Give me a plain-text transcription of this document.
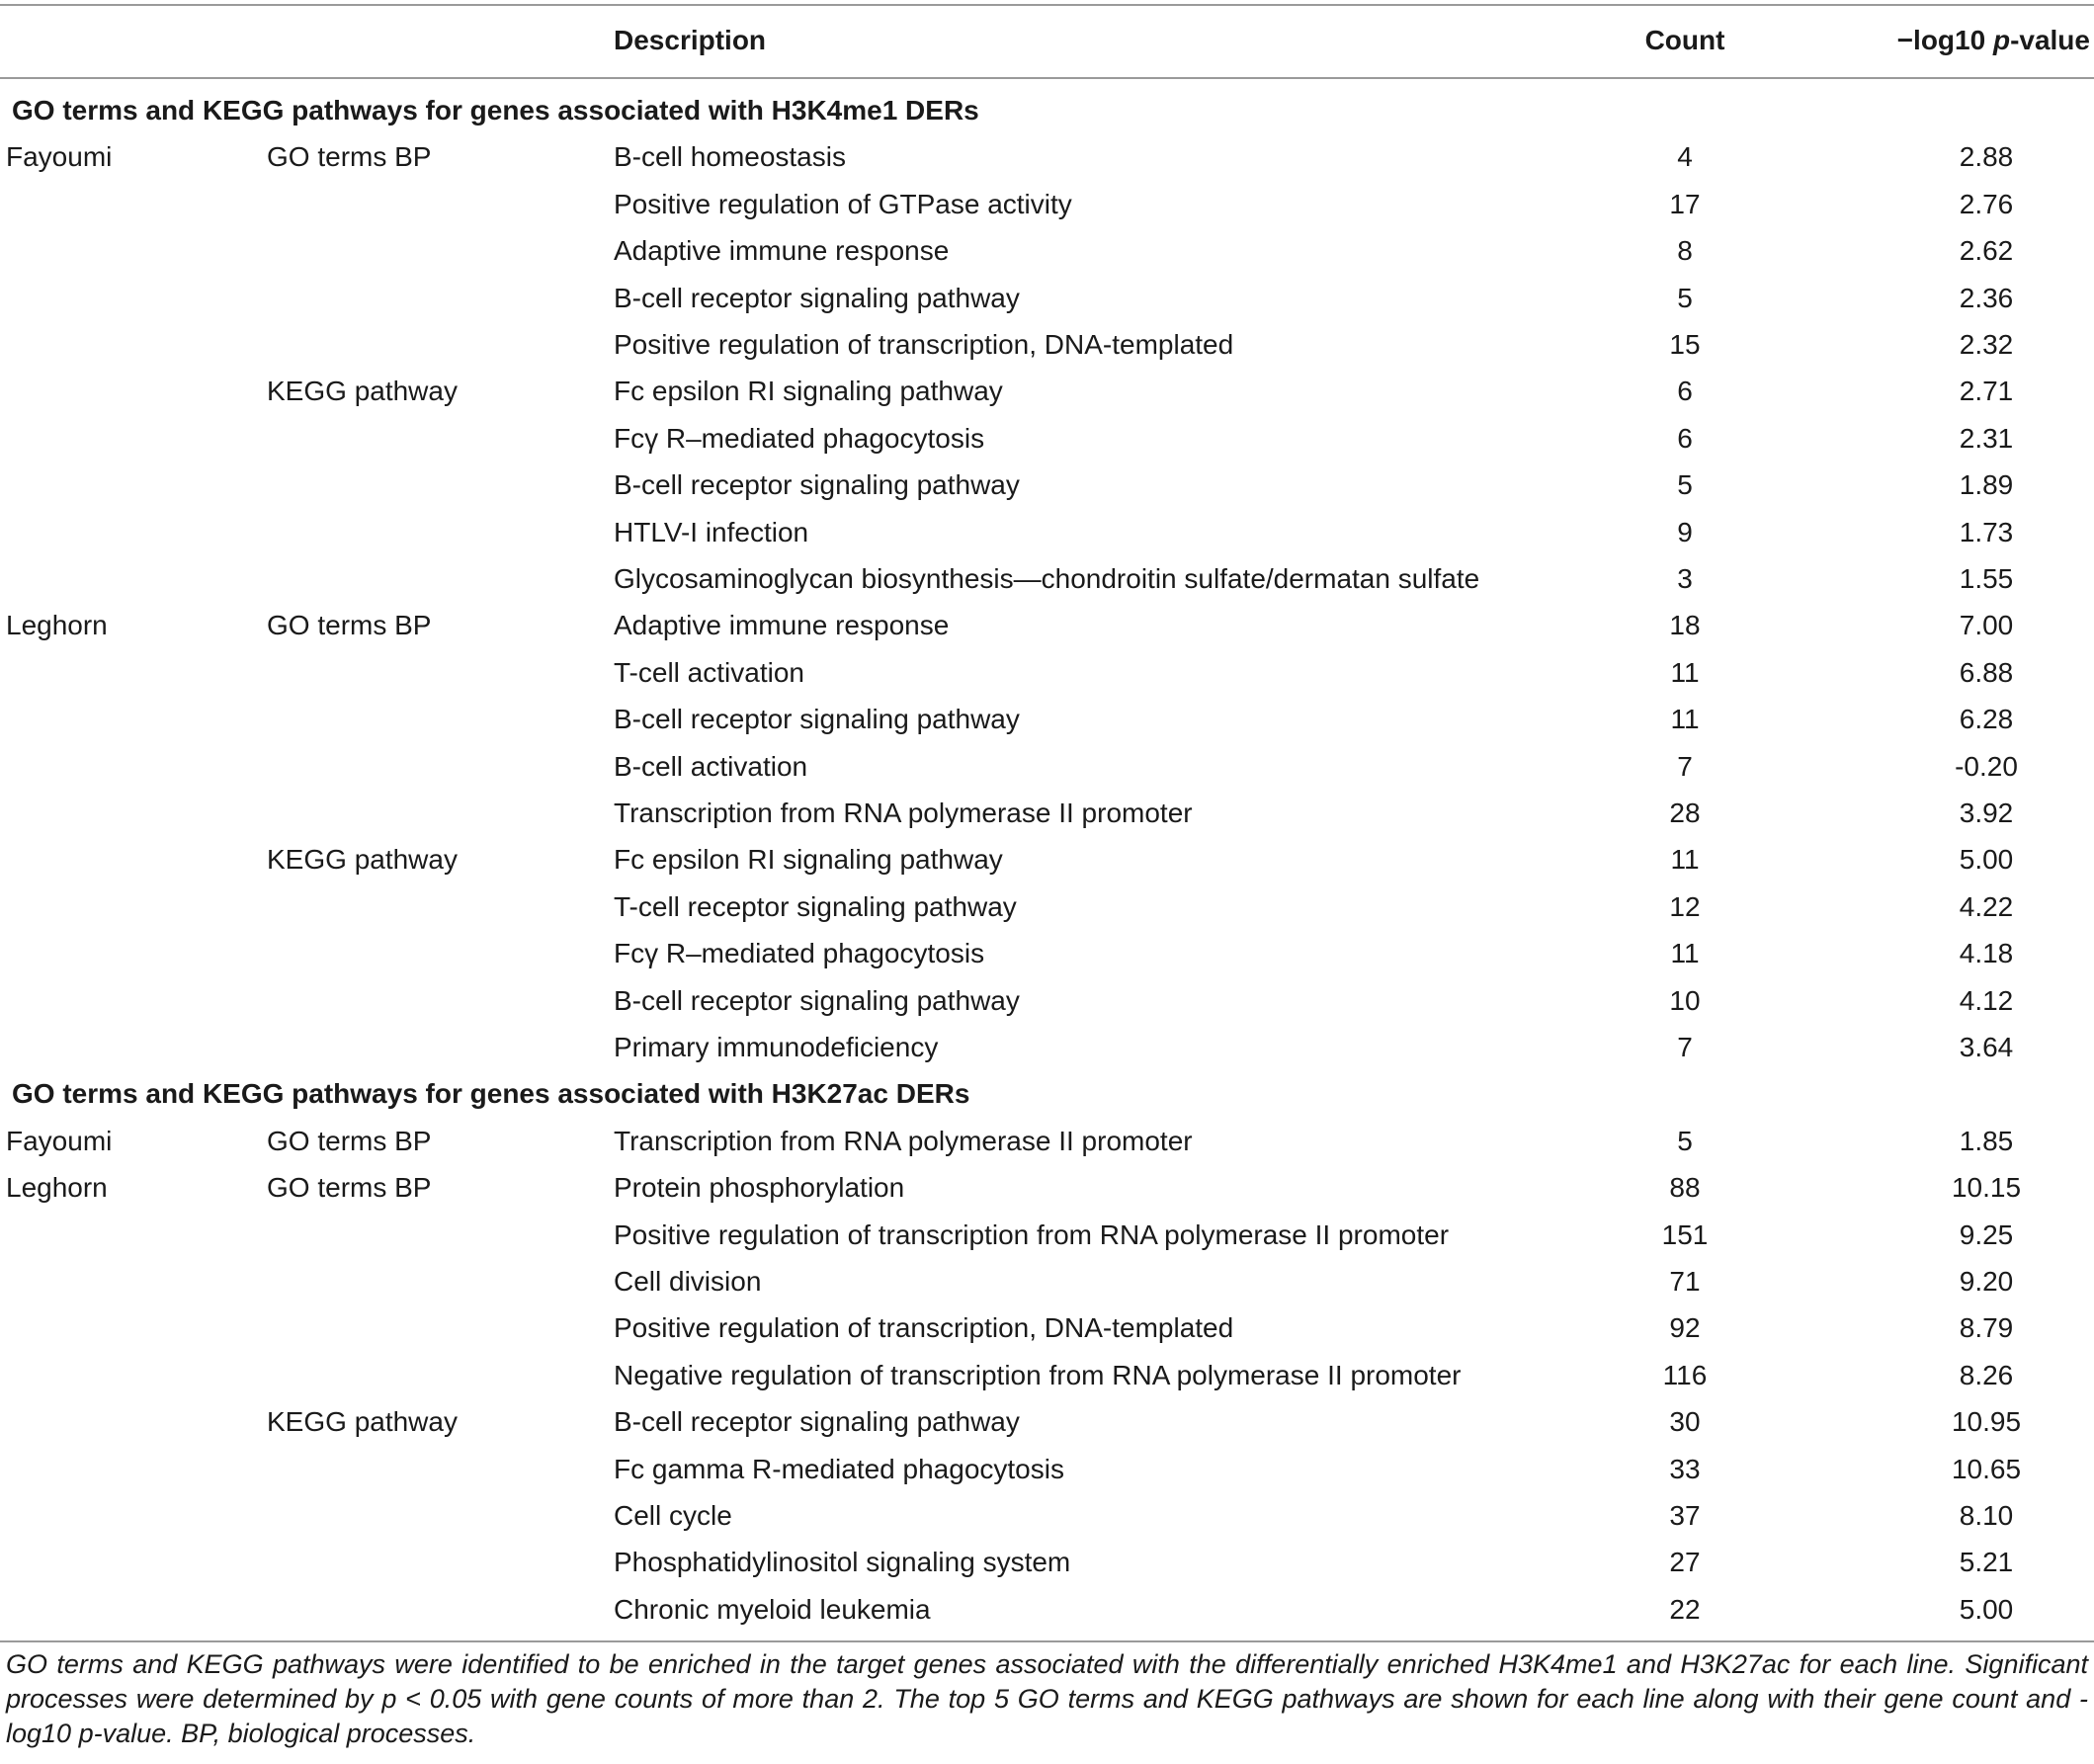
Description	Count	−log10 p-value
GO terms and KEGG pathways for genes associated with H3K4me1 DERs
Fayoumi	GO terms BP	B-cell homeostasis	4	2.88
Positive regulation of GTPase activity	17	2.76
Adaptive immune response	8	2.62
B-cell receptor signaling pathway	5	2.36
Positive regulation of transcription, DNA-templated	15	2.32
KEGG pathway	Fc epsilon RI signaling pathway	6	2.71
Fcγ R–mediated phagocytosis	6	2.31
B-cell receptor signaling pathway	5	1.89
HTLV-I infection	9	1.73
Glycosaminoglycan biosynthesis—chondroitin sulfate/dermatan sulfate	3	1.55
Leghorn	GO terms BP	Adaptive immune response	18	7.00
T-cell activation	11	6.88
B-cell receptor signaling pathway	11	6.28
B-cell activation	7	-0.20
Transcription from RNA polymerase II promoter	28	3.92
KEGG pathway	Fc epsilon RI signaling pathway	11	5.00
T-cell receptor signaling pathway	12	4.22
Fcγ R–mediated phagocytosis	11	4.18
B-cell receptor signaling pathway	10	4.12
Primary immunodeficiency	7	3.64
GO terms and KEGG pathways for genes associated with H3K27ac DERs
Fayoumi	GO terms BP	Transcription from RNA polymerase II promoter	5	1.85
Leghorn	GO terms BP	Protein phosphorylation	88	10.15
Positive regulation of transcription from RNA polymerase II promoter	151	9.25
Cell division	71	9.20
Positive regulation of transcription, DNA-templated	92	8.79
Negative regulation of transcription from RNA polymerase II promoter	116	8.26
KEGG pathway	B-cell receptor signaling pathway	30	10.95
Fc gamma R-mediated phagocytosis	33	10.65
Cell cycle	37	8.10
Phosphatidylinositol signaling system	27	5.21
Chronic myeloid leukemia	22	5.00
GO terms and KEGG pathways were identified to be enriched in the target genes associated with the differentially enriched H3K4me1 and H3K27ac for each line. Significant processes were determined by p < 0.05 with gene counts of more than 2. The top 5 GO terms and KEGG pathways are shown for each line along with their gene count and -log10 p-value. BP, biological processes.
